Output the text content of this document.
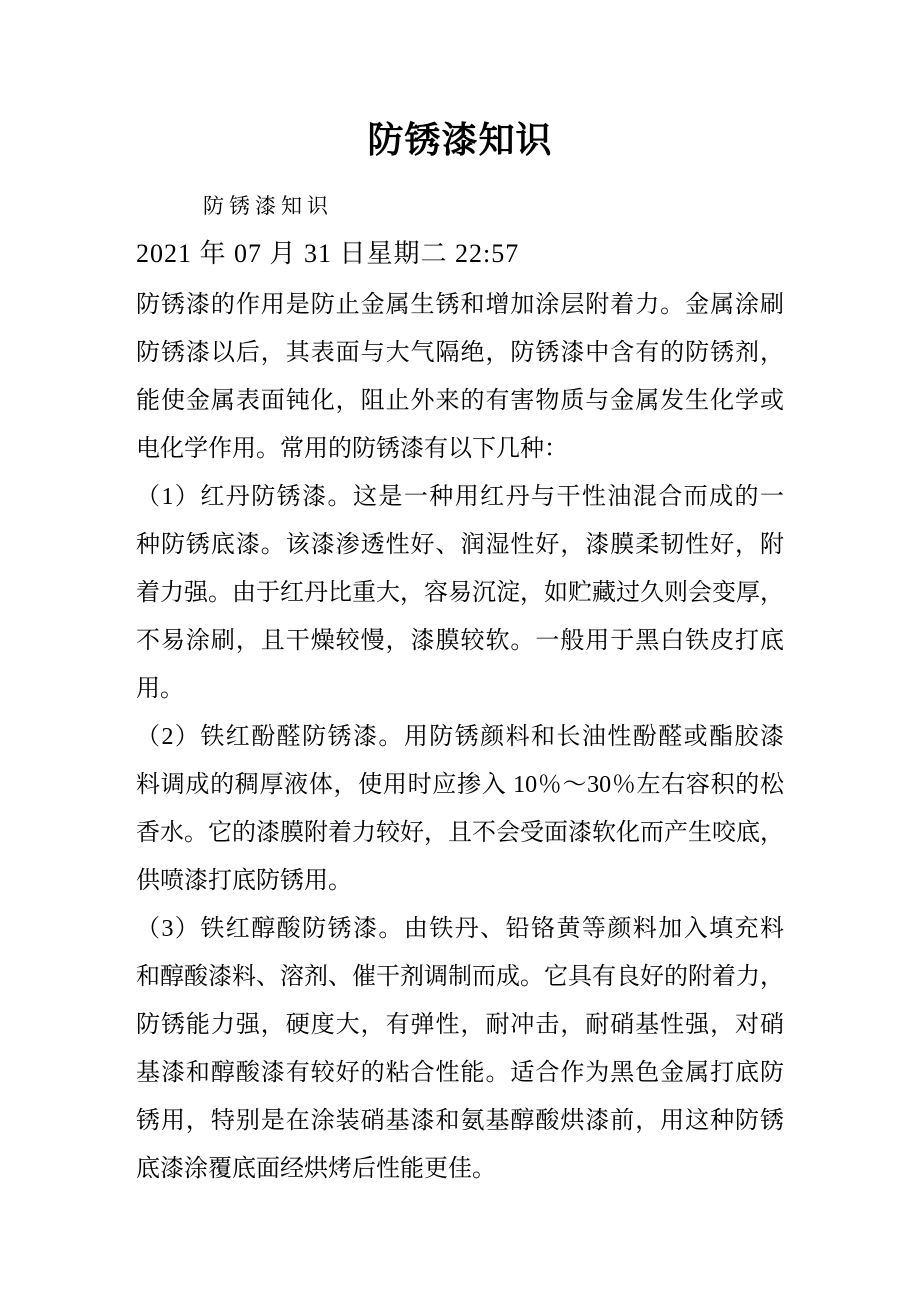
防锈漆知识

防锈漆知识

2021 年 07 月 31 日星期二 22:57

防锈漆的作用是防止金属生锈和增加涂层附着力。金属涂刷
防锈漆以后，其表面与大气隔绝，防锈漆中含有的防锈剂，
能使金属表面钝化，阻止外来的有害物质与金属发生化学或
电化学作用。常用的防锈漆有以下几种：
（1）红丹防锈漆。这是一种用红丹与干性油混合而成的一
种防锈底漆。该漆渗透性好、润湿性好，漆膜柔韧性好，附
着力强。由于红丹比重大，容易沉淀，如贮藏过久则会变厚，
不易涂刷，且干燥较慢，漆膜较软。一般用于黑白铁皮打底
用。
（2）铁红酚醛防锈漆。用防锈颜料和长油性酚醛或酯胶漆
料调成的稠厚液体，使用时应掺入 10％～30％左右容积的松
香水。它的漆膜附着力较好，且不会受面漆软化而产生咬底，
供喷漆打底防锈用。
（3）铁红醇酸防锈漆。由铁丹、铅铬黄等颜料加入填充料
和醇酸漆料、溶剂、催干剂调制而成。它具有良好的附着力，
防锈能力强，硬度大，有弹性，耐冲击，耐硝基性强，对硝
基漆和醇酸漆有较好的粘合性能。适合作为黑色金属打底防
锈用，特别是在涂装硝基漆和氨基醇酸烘漆前，用这种防锈
底漆涂覆底面经烘烤后性能更佳。
